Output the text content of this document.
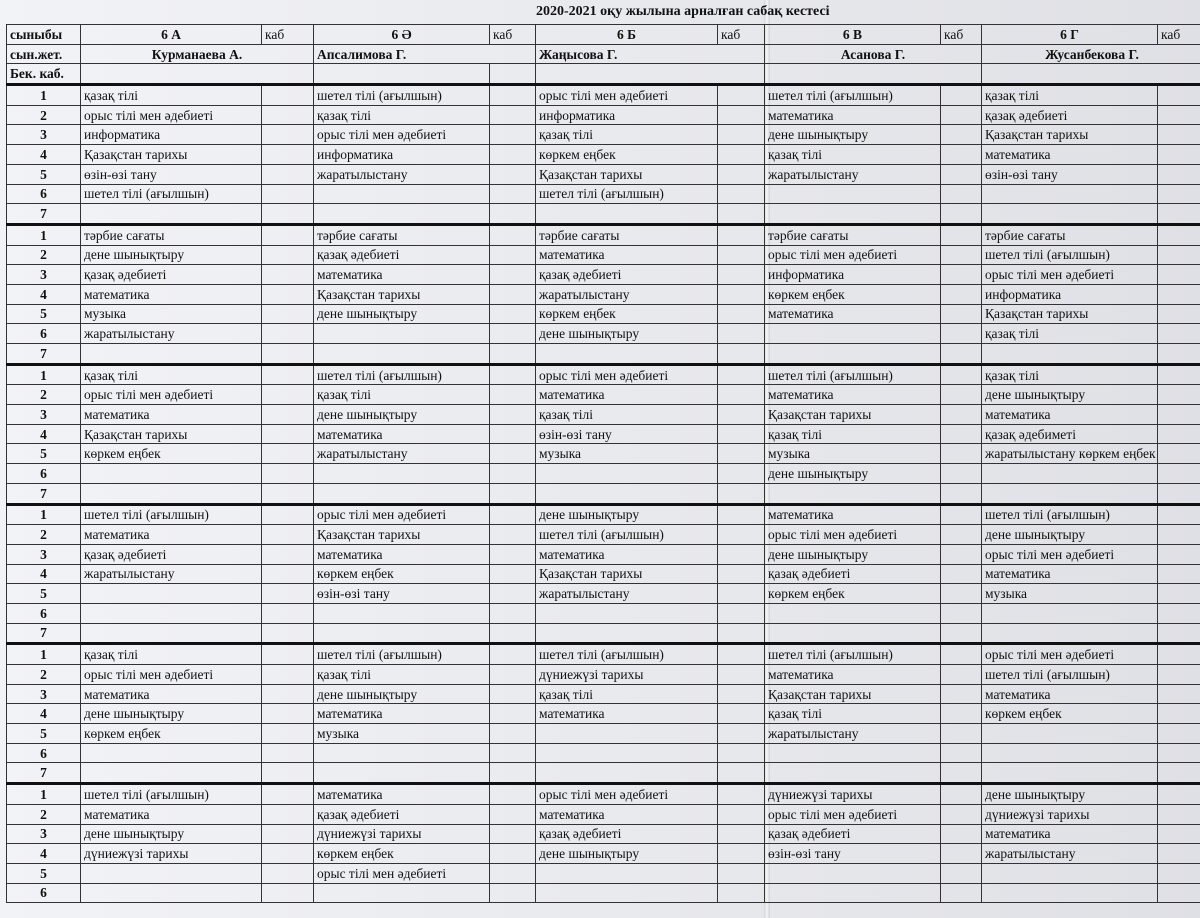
2020-2021 оқу жылына арналған сабақ кестесі
сыныбы	6 А	каб	6 Ә	каб	6 Б	каб	6 В	каб	6 Г	каб
сын.жет.	Курманаева А.		Апсалимова Г.		Жаңысова Г.		Асанова Г.		Жусанбекова Г.	
Бек. каб.										
1	қазақ тілі		шетел тілі (ағылшын)		орыс тілі мен әдебиеті		шетел тілі (ағылшын)		қазақ тілі	
2	орыс тілі мен әдебиеті		қазақ тілі		информатика		математика		қазақ әдебиеті	
3	информатика		орыс тілі мен әдебиеті		қазақ тілі		дене шынықтыру		Қазақстан тарихы	
4	Қазақстан тарихы		информатика		көркем еңбек		қазақ тілі		математика	
5	өзін-өзі тану		жаратылыстану		Қазақстан тарихы		жаратылыстану		өзін-өзі тану	
6	шетел тілі (ағылшын)				шетел тілі (ағылшын)					
7										
1	тәрбие сағаты		тәрбие сағаты		тәрбие сағаты		тәрбие сағаты		тәрбие сағаты	
2	дене шынықтыру		қазақ әдебиеті		математика		орыс тілі мен әдебиеті		шетел тілі (ағылшын)	
3	қазақ әдебиеті		математика		қазақ әдебиеті		информатика		орыс тілі мен әдебиеті	
4	математика		Қазақстан тарихы		жаратылыстану		көркем еңбек		информатика	
5	музыка		дене шынықтыру		көркем еңбек		математика		Қазақстан тарихы	
6	жаратылыстану				дене шынықтыру				қазақ тілі	
7										
1	қазақ тілі		шетел тілі (ағылшын)		орыс тілі мен әдебиеті		шетел тілі (ағылшын)		қазақ тілі	
2	орыс тілі мен әдебиеті		қазақ тілі		математика		математика		дене шынықтыру	
3	математика		дене шынықтыру		қазақ тілі		Қазақстан тарихы		математика	
4	Қазақстан тарихы		математика		өзін-өзі тану		қазақ тілі		қазақ әдебиметі	
5	көркем еңбек		жаратылыстану		музыка		музыка		жаратылыстану көркем еңбек	
6							дене шынықтыру			
7										
1	шетел тілі (ағылшын)		орыс тілі мен әдебиеті		дене шынықтыру		математика		шетел тілі (ағылшын)	
2	математика		Қазақстан тарихы		шетел тілі (ағылшын)		орыс тілі мен әдебиеті		дене шынықтыру	
3	қазақ әдебиеті		математика		математика		дене шынықтыру		орыс тілі мен әдебиеті	
4	жаратылыстану		көркем еңбек		Қазақстан тарихы		қазақ әдебиеті		математика	
5			өзін-өзі тану		жаратылыстану		көркем еңбек		музыка	
6										
7										
1	қазақ тілі		шетел тілі (ағылшын)		шетел тілі (ағылшын)		шетел тілі (ағылшын)		орыс тілі мен әдебиеті	
2	орыс тілі мен әдебиеті		қазақ тілі		дүниежүзі тарихы		математика		шетел тілі (ағылшын)	
3	математика		дене шынықтыру		қазақ тілі		Қазақстан тарихы		математика	
4	дене шынықтыру		математика		математика		қазақ тілі		көркем еңбек	
5	көркем еңбек		музыка				жаратылыстану			
6										
7										
1	шетел тілі (ағылшын)		математика		орыс тілі мен әдебиеті		дүниежүзі тарихы		дене шынықтыру	
2	математика		қазақ әдебиеті		математика		орыс тілі мен әдебиеті		дүниежүзі тарихы	
3	дене шынықтыру		дүниежүзі тарихы		қазақ әдебиеті		қазақ әдебиеті		математика	
4	дүниежүзі тарихы		көркем еңбек		дене шынықтыру		өзін-өзі тану		жаратылыстану	
5			орыс тілі мен әдебиеті							
6										
